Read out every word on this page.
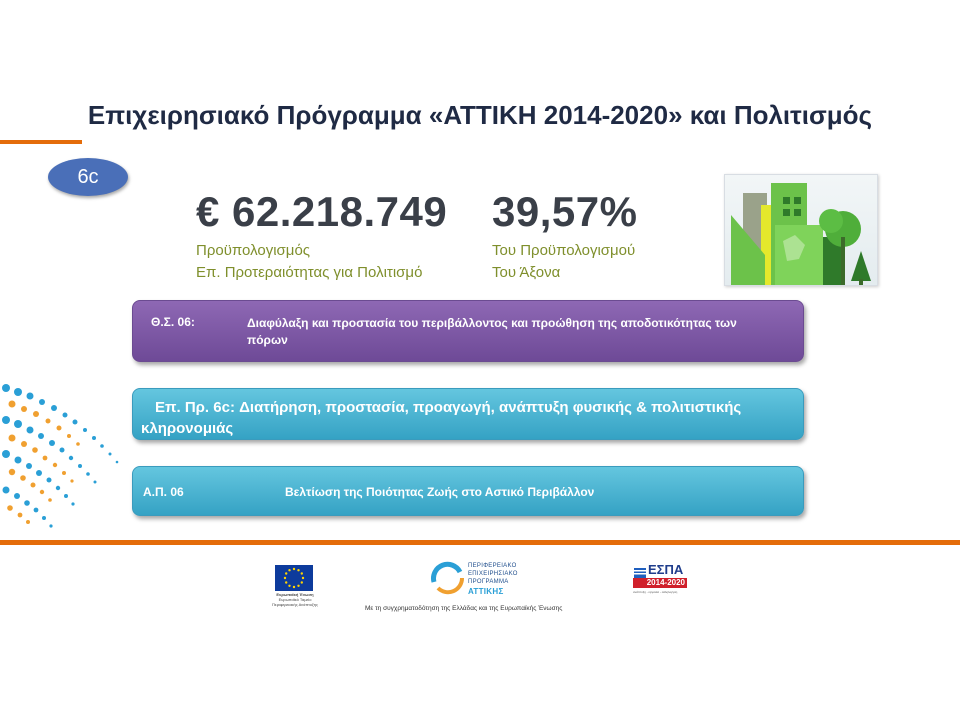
Επιχειρησιακό Πρόγραμμα «ΑΤΤΙΚΗ 2014-2020» και Πολιτισμός
6c
€ 62.218.749
Προϋπολογισμός
Επ. Προτεραιότητας για Πολιτισμό
39,57%
Του Προϋπολογισμού
Του Άξονα
Θ.Σ. 06:	Διαφύλαξη και προστασία του περιβάλλοντος και προώθηση της αποδοτικότητας των πόρων
Επ. Πρ. 6c: Διατήρηση, προστασία, προαγωγή, ανάπτυξη φυσικής & πολιτιστικής κληρονομιάς
Α.Π. 06	Βελτίωση της Ποιότητας Ζωής στο Αστικό Περιβάλλον
Ευρωπαϊκή Ένωση
Ευρωπαϊκό Ταμείο Περιφερειακής Ανάπτυξης
ΠΕΡΙΦΕΡΕΙΑΚΟ
ΕΠΙΧΕΙΡΗΣΙΑΚΟ
ΠΡΟΓΡΑΜΜΑ
ΑΤΤΙΚΗΣ
ΕΣΠΑ
2014-2020
ανάπτυξη - εργασία - αλληλεγγύη
Με τη συγχρηματοδότηση της Ελλάδας και της Ευρωπαϊκής Ένωσης
